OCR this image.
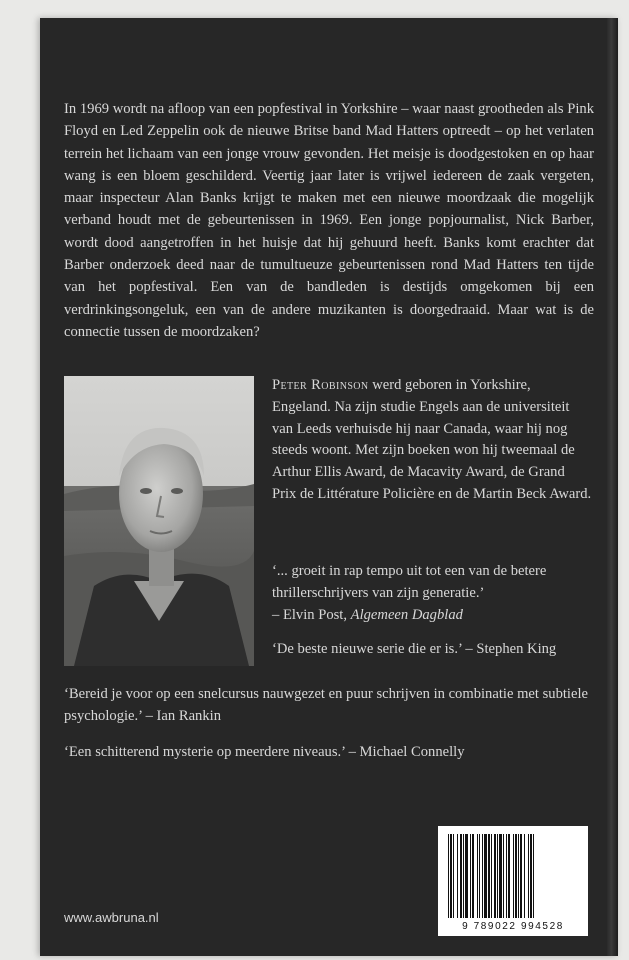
In 1969 wordt na afloop van een popfestival in Yorkshire – waar naast grootheden als Pink Floyd en Led Zeppelin ook de nieuwe Britse band Mad Hatters optreedt – op het verlaten terrein het lichaam van een jonge vrouw gevonden. Het meisje is doodgestoken en op haar wang is een bloem geschilderd. Veertig jaar later is vrijwel iedereen de zaak vergeten, maar inspecteur Alan Banks krijgt te maken met een nieuwe moordzaak die mogelijk verband houdt met de gebeurtenissen in 1969. Een jonge popjournalist, Nick Barber, wordt dood aangetroffen in het huisje dat hij gehuurd heeft. Banks komt erachter dat Barber onderzoek deed naar de tumultueuze gebeurtenissen rond Mad Hatters ten tijde van het popfestival. Een van de bandleden is destijds omgekomen bij een verdrinkingsongeluk, een van de andere muzikanten is doorgedraaid. Maar wat is de connectie tussen de moordzaken?

Peter Robinson werd geboren in Yorkshire, Engeland. Na zijn studie Engels aan de universiteit van Leeds verhuisde hij naar Canada, waar hij nog steeds woont. Met zijn boeken won hij tweemaal de Arthur Ellis Award, de Macavity Award, de Grand Prix de Littérature Policière en de Martin Beck Award.

‘... groeit in rap tempo uit tot een van de betere thrillerschrijvers van zijn generatie.’
– Elvin Post, Algemeen Dagblad

‘De beste nieuwe serie die er is.’ – Stephen King

‘Bereid je voor op een snelcursus nauwgezet en puur schrijven in combinatie met subtiele psychologie.’ – Ian Rankin

‘Een schitterend mysterie op meerdere niveaus.’ – Michael Connelly

www.awbruna.nl
9 789022 994528
